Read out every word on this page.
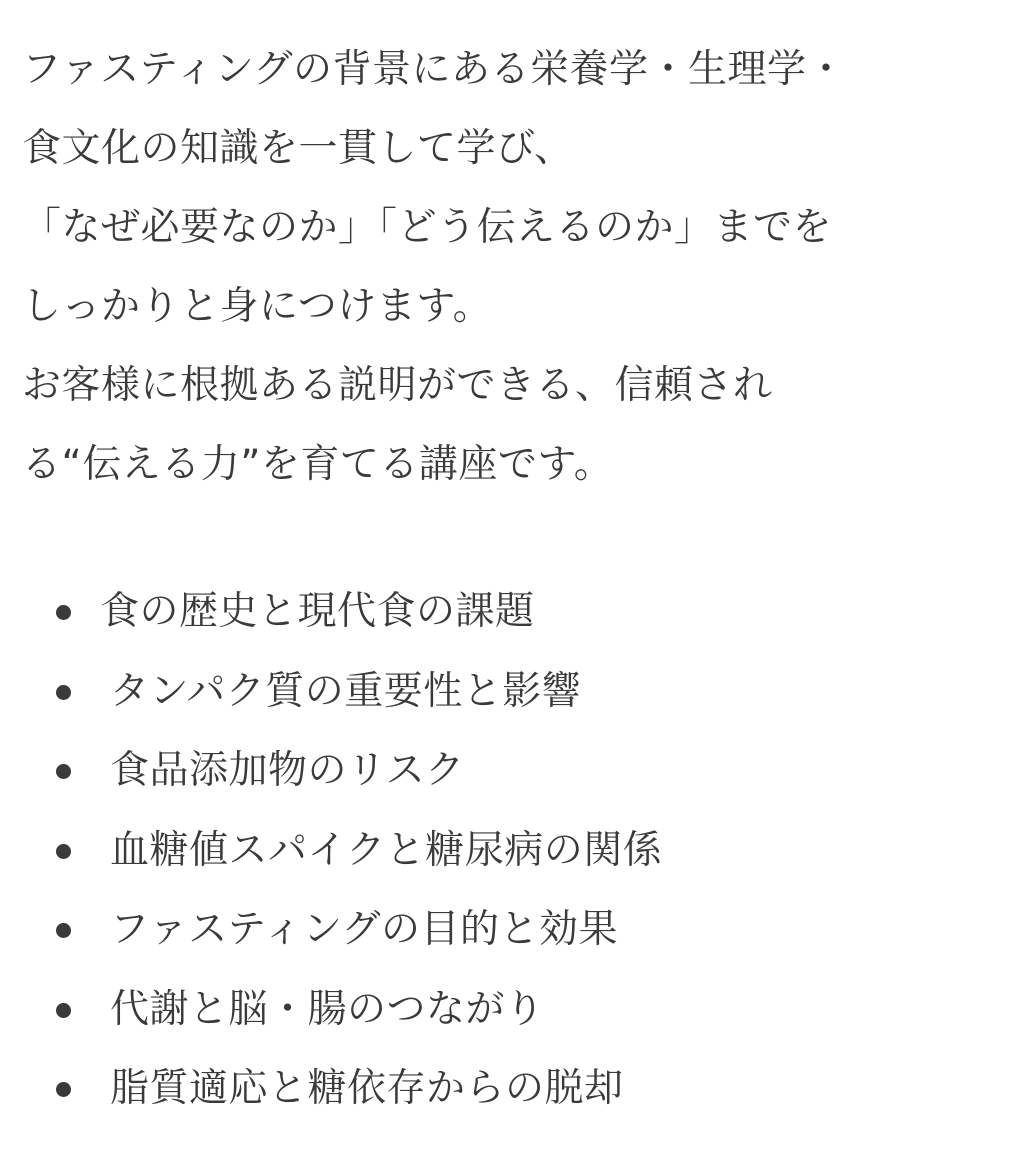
ファスティングの背景にある栄養学・生理学・
食文化の知識を一貫して学び、
「なぜ必要なのか」「どう伝えるのか」までを
しっかりと身につけます。
お客様に根拠ある説明ができる、信頼され
る“伝える力”を育てる講座です。
食の歴史と現代食の課題
タンパク質の重要性と影響
食品添加物のリスク
血糖値スパイクと糖尿病の関係
ファスティングの目的と効果
代謝と脳・腸のつながり
脂質適応と糖依存からの脱却
